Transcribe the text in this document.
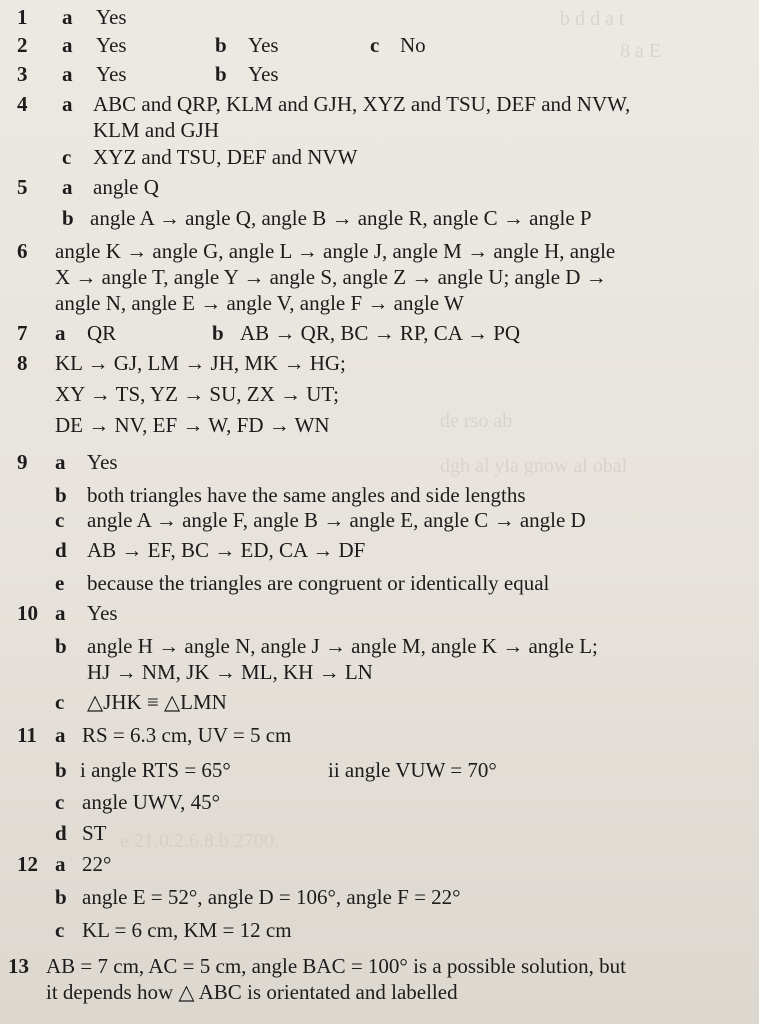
b d d a t
8 a E
de rso ab
dgh al yla gnow al obal
e 21.0.2.6.8.b 2700.
1 a Yes
2 a Yes	b Yes	c No
3 a Yes	b Yes
4 a ABC and QRP, KLM and GJH, XYZ and TSU, DEF and NVW,
KLM and GJH
c XYZ and TSU, DEF and NVW
5 a angle Q
b angle A → angle Q, angle B → angle R, angle C → angle P
6 angle K → angle G, angle L → angle J, angle M → angle H, angle
X → angle T, angle Y → angle S, angle Z → angle U; angle D →
angle N, angle E → angle V, angle F → angle W
7 a QR	b AB → QR, BC → RP, CA → PQ
8 KL → GJ, LM → JH, MK → HG;
XY → TS, YZ → SU, ZX → UT;
DE → NV, EF → W, FD → WN
9 a Yes
b both triangles have the same angles and side lengths
c angle A → angle F, angle B → angle E, angle C → angle D
d AB → EF, BC → ED, CA → DF
e because the triangles are congruent or identically equal
10 a Yes
b angle H → angle N, angle J → angle M, angle K → angle L;
HJ → NM, JK → ML, KH → LN
c △JHK ≡ △LMN
11 a RS = 6.3 cm, UV = 5 cm
b i angle RTS = 65°	ii angle VUW = 70°
c angle UWV, 45°
d ST
12 a 22°
b angle E = 52°, angle D = 106°, angle F = 22°
c KL = 6 cm, KM = 12 cm
13 AB = 7 cm, AC = 5 cm, angle BAC = 100° is a possible solution, but
it depends how △ ABC is orientated and labelled
